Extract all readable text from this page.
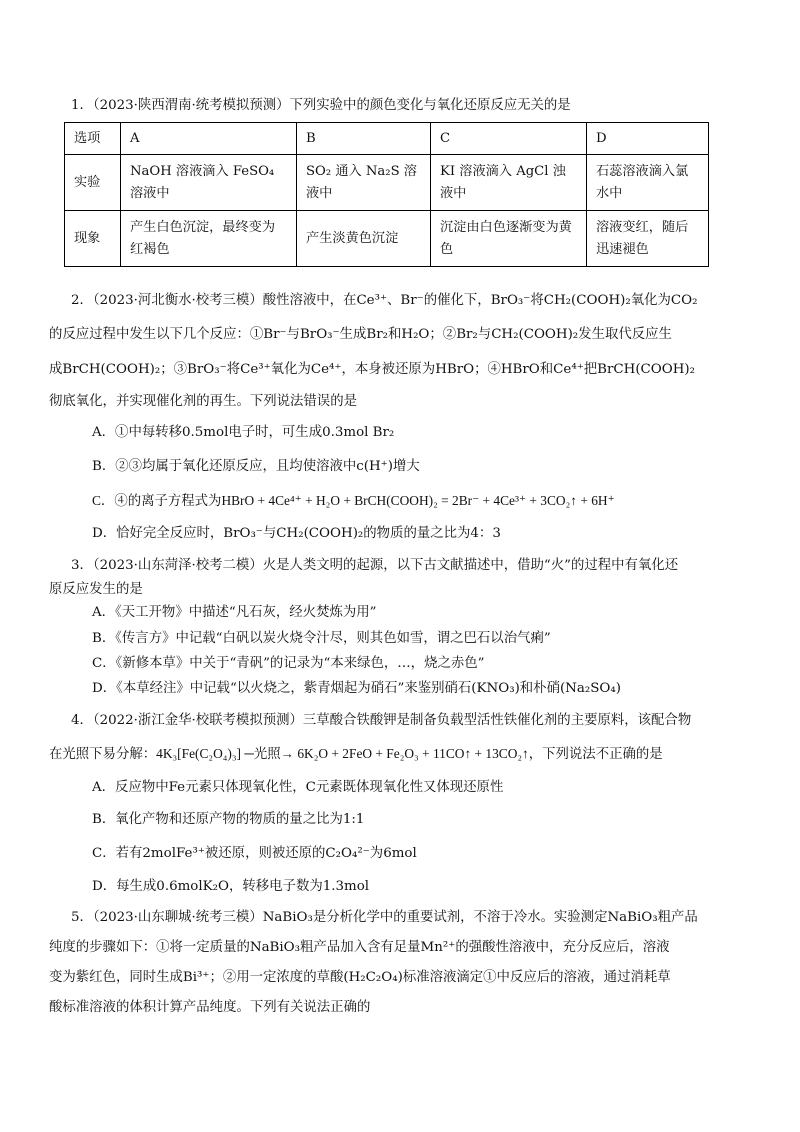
1．（2023·陕西渭南·统考模拟预测）下列实验中的颜色变化与氧化还原反应无关的是
选项	A	B	C	D
实验	NaOH 溶液滴入 FeSO₄ 溶液中	SO₂ 通入 Na₂S 溶液中	KI 溶液滴入 AgCl 浊液中	石蕊溶液滴入氯水中
现象	产生白色沉淀，最终变为红褐色	产生淡黄色沉淀	沉淀由白色逐渐变为黄色	溶液变红，随后迅速褪色
2．（2023·河北衡水·校考三模）酸性溶液中，在Ce³⁺、Br⁻的催化下，BrO₃⁻将CH₂(COOH)₂氧化为CO₂
的反应过程中发生以下几个反应：①Br⁻与BrO₃⁻生成Br₂和H₂O；②Br₂与CH₂(COOH)₂发生取代反应生
成BrCH(COOH)₂；③BrO₃⁻将Ce³⁺氧化为Ce⁴⁺，本身被还原为HBrO；④HBrO和Ce⁴⁺把BrCH(COOH)₂
彻底氧化，并实现催化剂的再生。下列说法错误的是
A．①中每转移0.5mol电子时，可生成0.3mol Br₂
B．②③均属于氧化还原反应，且均使溶液中c(H⁺)增大
C．④的离子方程式为HBrO + 4Ce⁴⁺ + H₂O + BrCH(COOH)₂ = 2Br⁻ + 4Ce³⁺ + 3CO₂↑ + 6H⁺
D．恰好完全反应时，BrO₃⁻与CH₂(COOH)₂的物质的量之比为4：3
3．（2023·山东菏泽·校考二模）火是人类文明的起源，以下古文献描述中，借助“火”的过程中有氧化还
原反应发生的是
A．《天工开物》中描述“凡石灰，经火焚炼为用”
B．《传言方》中记载“白矾以炭火烧令汁尽，则其色如雪，谓之巴石以治气痢”
C．《新修本草》中关于“青矾”的记录为“本来绿色，…，烧之赤色”
D．《本草经注》中记载“以火烧之，紫青烟起为硝石”来鉴别硝石(KNO₃)和朴硝(Na₂SO₄)
4．（2022·浙江金华·校联考模拟预测）三草酸合铁酸钾是制备负载型活性铁催化剂的主要原料，该配合物
在光照下易分解：4K₃[Fe(C₂O₄)₃] ─光照→ 6K₂O + 2FeO + Fe₂O₃ + 11CO↑ + 13CO₂↑，下列说法不正确的是
A．反应物中Fe元素只体现氧化性，C元素既体现氧化性又体现还原性
B．氧化产物和还原产物的物质的量之比为1:1
C．若有2molFe³⁺被还原，则被还原的C₂O₄²⁻为6mol
D．每生成0.6molK₂O，转移电子数为1.3mol
5．（2023·山东聊城·统考三模）NaBiO₃是分析化学中的重要试剂，不溶于冷水。实验测定NaBiO₃粗产品
纯度的步骤如下：①将一定质量的NaBiO₃粗产品加入含有足量Mn²⁺的强酸性溶液中，充分反应后，溶液
变为紫红色，同时生成Bi³⁺；②用一定浓度的草酸(H₂C₂O₄)标准溶液滴定①中反应后的溶液，通过消耗草
酸标准溶液的体积计算产品纯度。下列有关说法正确的
